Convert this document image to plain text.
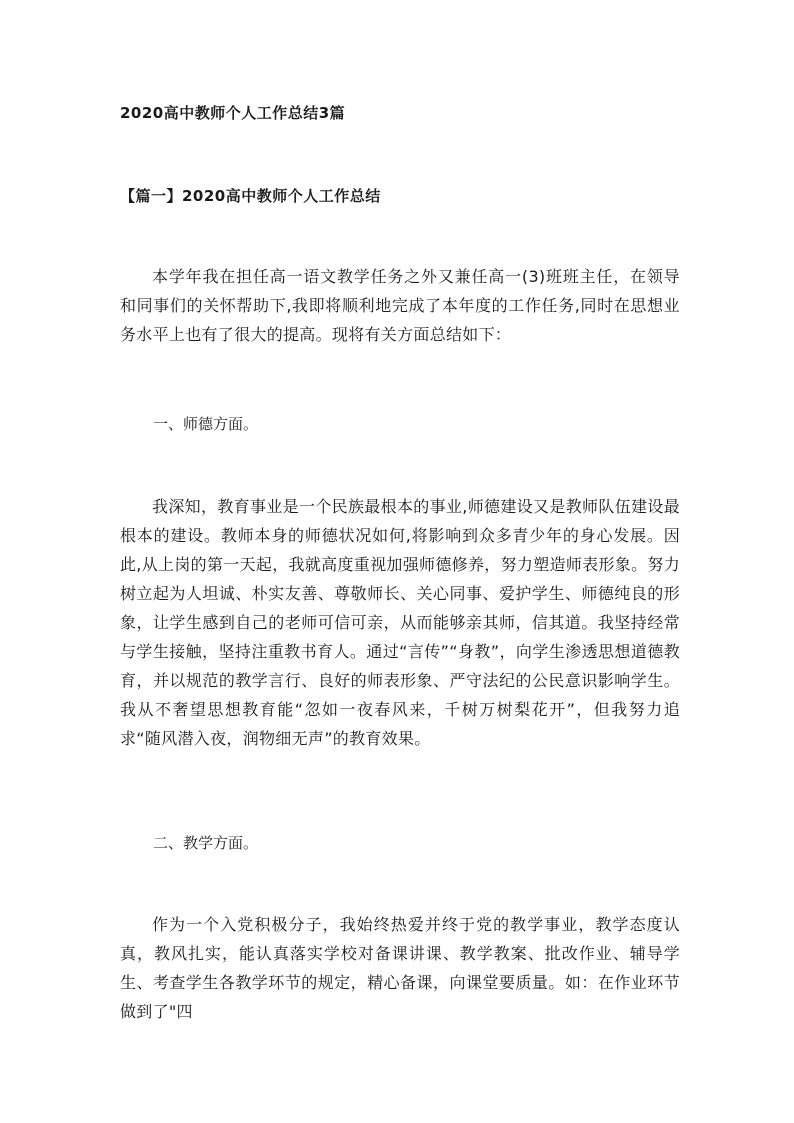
2020高中教师个人工作总结3篇
【篇一】2020高中教师个人工作总结

本学年我在担任高一语文教学任务之外又兼任高一(3)班班主任，在领导和同事们的关怀帮助下,我即将顺利地完成了本年度的工作任务,同时在思想业务水平上也有了很大的提高。现将有关方面总结如下：

一、师德方面。

我深知，教育事业是一个民族最根本的事业,师德建设又是教师队伍建设最根本的建设。教师本身的师德状况如何,将影响到众多青少年的身心发展。因此,从上岗的第一天起，我就高度重视加强师德修养，努力塑造师表形象。努力树立起为人坦诚、朴实友善、尊敬师长、关心同事、爱护学生、师德纯良的形象，让学生感到自己的老师可信可亲，从而能够亲其师，信其道。我坚持经常与学生接触，坚持注重教书育人。通过“言传”“身教”，向学生渗透思想道德教育，并以规范的教学言行、良好的师表形象、严守法纪的公民意识影响学生。我从不奢望思想教育能“忽如一夜春风来，千树万树梨花开”，但我努力追求“随风潜入夜，润物细无声”的教育效果。

二、教学方面。

作为一个入党积极分子，我始终热爱并终于党的教学事业，教学态度认真，教风扎实，能认真落实学校对备课讲课、教学教案、批改作业、辅导学生、考查学生各教学环节的规定，精心备课，向课堂要质量。如：在作业环节做到了"四
